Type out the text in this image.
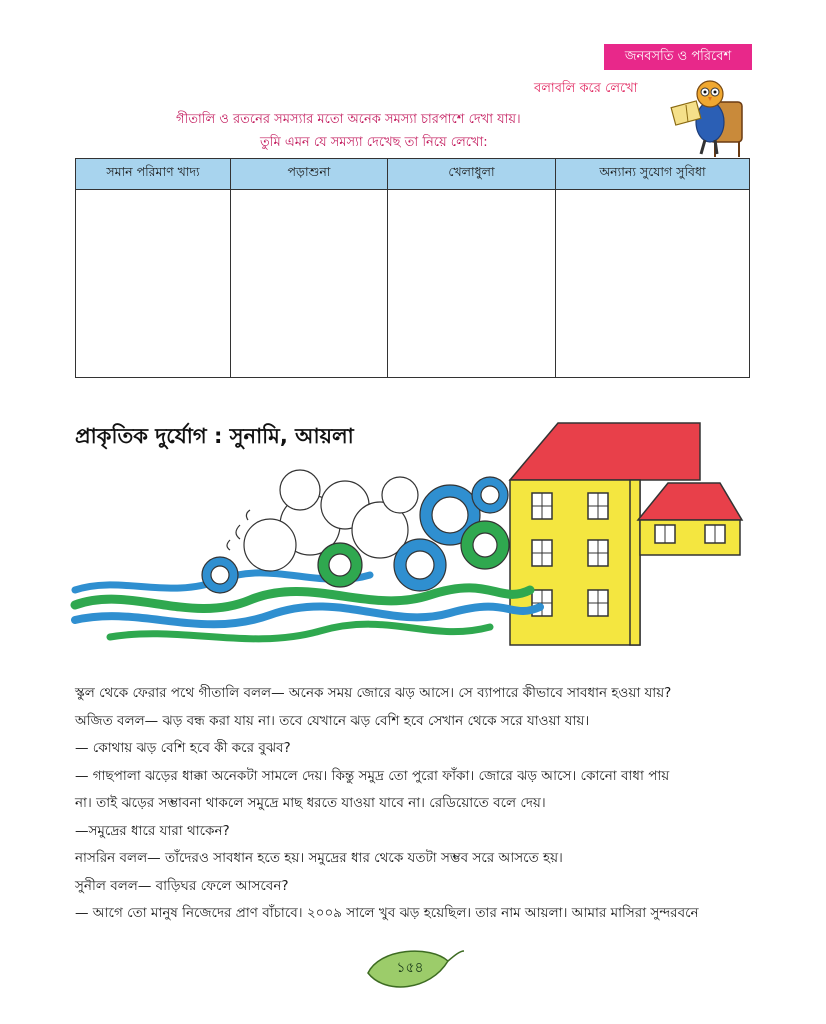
জনবসতি ও পরিবেশ
বলাবলি করে লেখো
গীতালি ও রতনের সমস্যার মতো অনেক সমস্যা চারপাশে দেখা যায়।
তুমি এমন যে সমস্যা দেখেছ তা নিয়ে লেখো:
সমান পরিমাণ খাদ্য	পড়াশুনা	খেলাধুলা	অন্যান্য সুযোগ সুবিধা
প্রাকৃতিক দুর্যোগ : সুনামি, আয়লা

স্কুল থেকে ফেরার পথে গীতালি বলল— অনেক সময় জোরে ঝড় আসে। সে ব্যাপারে কীভাবে সাবধান হওয়া যায়?

অজিত বলল— ঝড় বন্ধ করা যায় না। তবে যেখানে ঝড় বেশি হবে সেখান থেকে সরে যাওয়া যায়।

— কোথায় ঝড় বেশি হবে কী করে বুঝব?

— গাছপালা ঝড়ের ধাক্কা অনেকটা সামলে দেয়। কিন্তু সমুদ্র তো পুরো ফাঁকা। জোরে ঝড় আসে। কোনো বাধা পায়

না। তাই ঝড়ের সম্ভাবনা থাকলে সমুদ্রে মাছ ধরতে যাওয়া যাবে না। রেডিয়োতে বলে দেয়।

—সমুদ্রের ধারে যারা থাকেন?

নাসরিন বলল— তাঁদেরও সাবধান হতে হয়। সমুদ্রের ধার থেকে যতটা সম্ভব সরে আসতে হয়।

সুনীল বলল— বাড়িঘর ফেলে আসবেন?

— আগে তো মানুষ নিজেদের প্রাণ বাঁচাবে। ২০০৯ সালে খুব ঝড় হয়েছিল। তার নাম আয়লা। আমার মাসিরা সুন্দরবনে

১৫৪
